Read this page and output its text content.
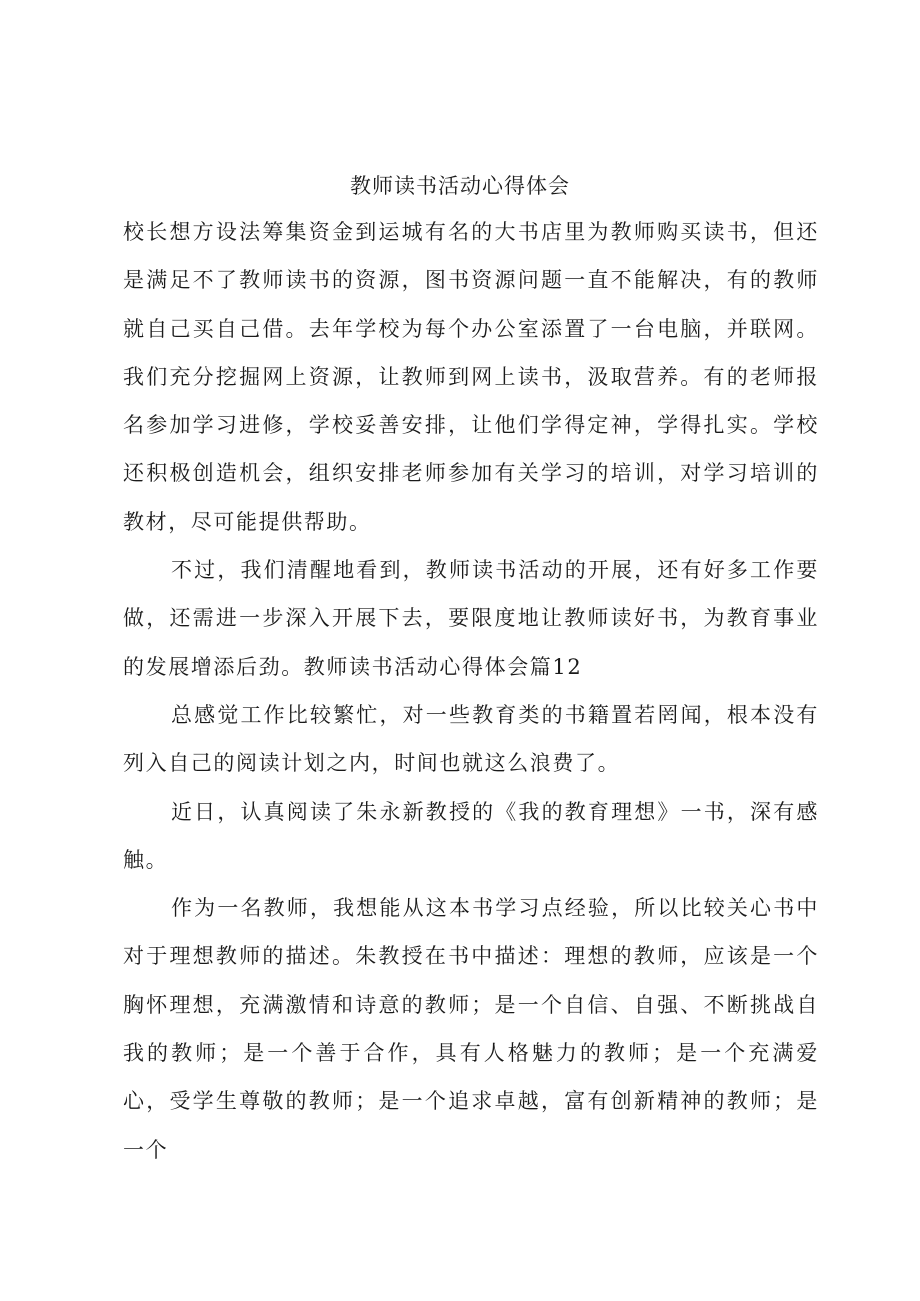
教师读书活动心得体会

校长想方设法筹集资金到运城有名的大书店里为教师购买读书，但还是满足不了教师读书的资源，图书资源问题一直不能解决，有的教师就自己买自己借。去年学校为每个办公室添置了一台电脑，并联网。我们充分挖掘网上资源，让教师到网上读书，汲取营养。有的老师报名参加学习进修，学校妥善安排，让他们学得定神，学得扎实。学校还积极创造机会，组织安排老师参加有关学习的培训，对学习培训的教材，尽可能提供帮助。

不过，我们清醒地看到，教师读书活动的开展，还有好多工作要做，还需进一步深入开展下去，要限度地让教师读好书，为教育事业的发展增添后劲。教师读书活动心得体会篇12

总感觉工作比较繁忙，对一些教育类的书籍置若罔闻，根本没有列入自己的阅读计划之内，时间也就这么浪费了。

近日，认真阅读了朱永新教授的《我的教育理想》一书，深有感触。

作为一名教师，我想能从这本书学习点经验，所以比较关心书中对于理想教师的描述。朱教授在书中描述：理想的教师，应该是一个胸怀理想，充满激情和诗意的教师；是一个自信、自强、不断挑战自我的教师；是一个善于合作，具有人格魅力的教师；是一个充满爱心，受学生尊敬的教师；是一个追求卓越，富有创新精神的教师；是一个
